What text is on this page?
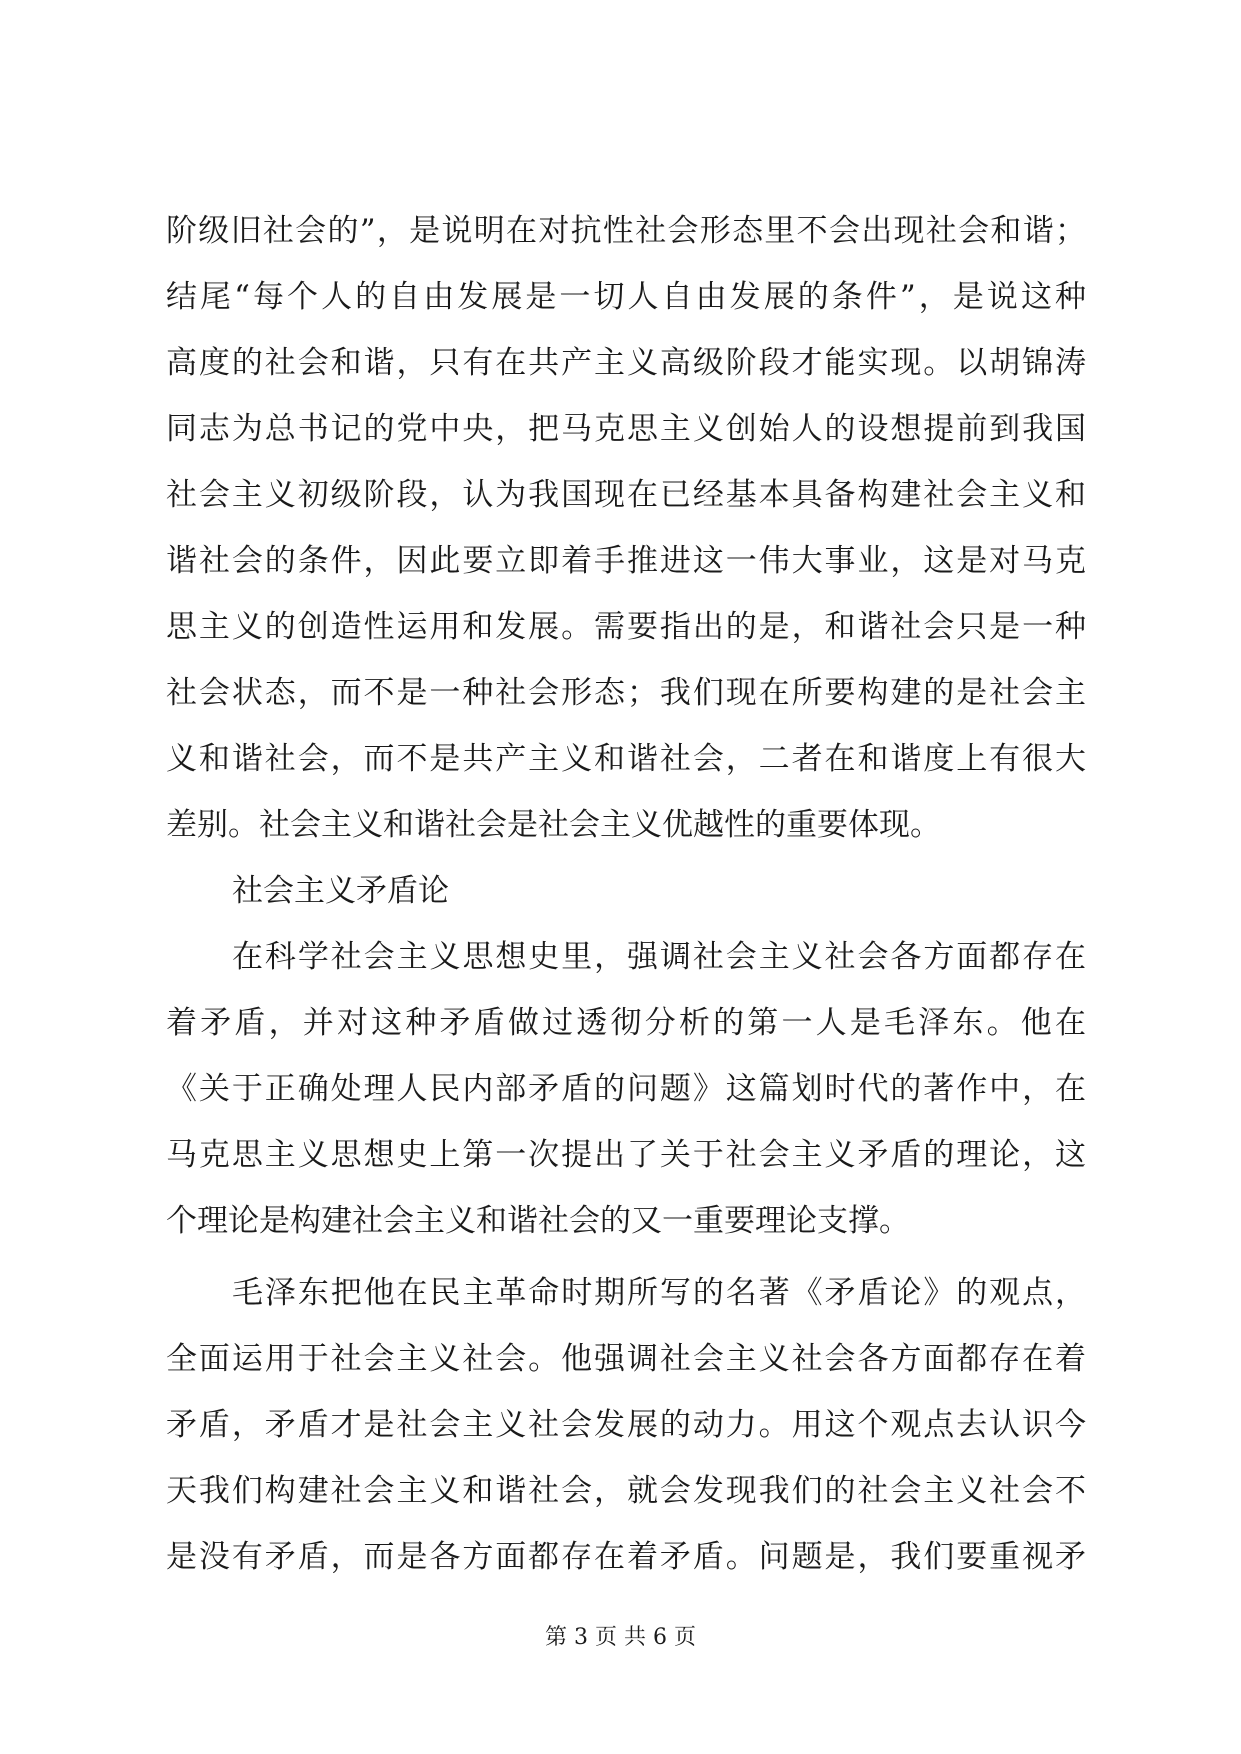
阶级旧社会的”，是说明在对抗性社会形态里不会出现社会和谐；
结尾“每个人的自由发展是一切人自由发展的条件”，是说这种
高度的社会和谐，只有在共产主义高级阶段才能实现。以胡锦涛
同志为总书记的党中央，把马克思主义创始人的设想提前到我国
社会主义初级阶段，认为我国现在已经基本具备构建社会主义和
谐社会的条件，因此要立即着手推进这一伟大事业，这是对马克
思主义的创造性运用和发展。需要指出的是，和谐社会只是一种
社会状态，而不是一种社会形态；我们现在所要构建的是社会主
义和谐社会，而不是共产主义和谐社会，二者在和谐度上有很大
差别。社会主义和谐社会是社会主义优越性的重要体现。
社会主义矛盾论
在科学社会主义思想史里，强调社会主义社会各方面都存在
着矛盾，并对这种矛盾做过透彻分析的第一人是毛泽东。他在
《关于正确处理人民内部矛盾的问题》这篇划时代的著作中，在
马克思主义思想史上第一次提出了关于社会主义矛盾的理论，这
个理论是构建社会主义和谐社会的又一重要理论支撑。
毛泽东把他在民主革命时期所写的名著《矛盾论》的观点，
全面运用于社会主义社会。他强调社会主义社会各方面都存在着
矛盾，矛盾才是社会主义社会发展的动力。用这个观点去认识今
天我们构建社会主义和谐社会，就会发现我们的社会主义社会不
是没有矛盾，而是各方面都存在着矛盾。问题是，我们要重视矛
第 3 页 共 6 页
